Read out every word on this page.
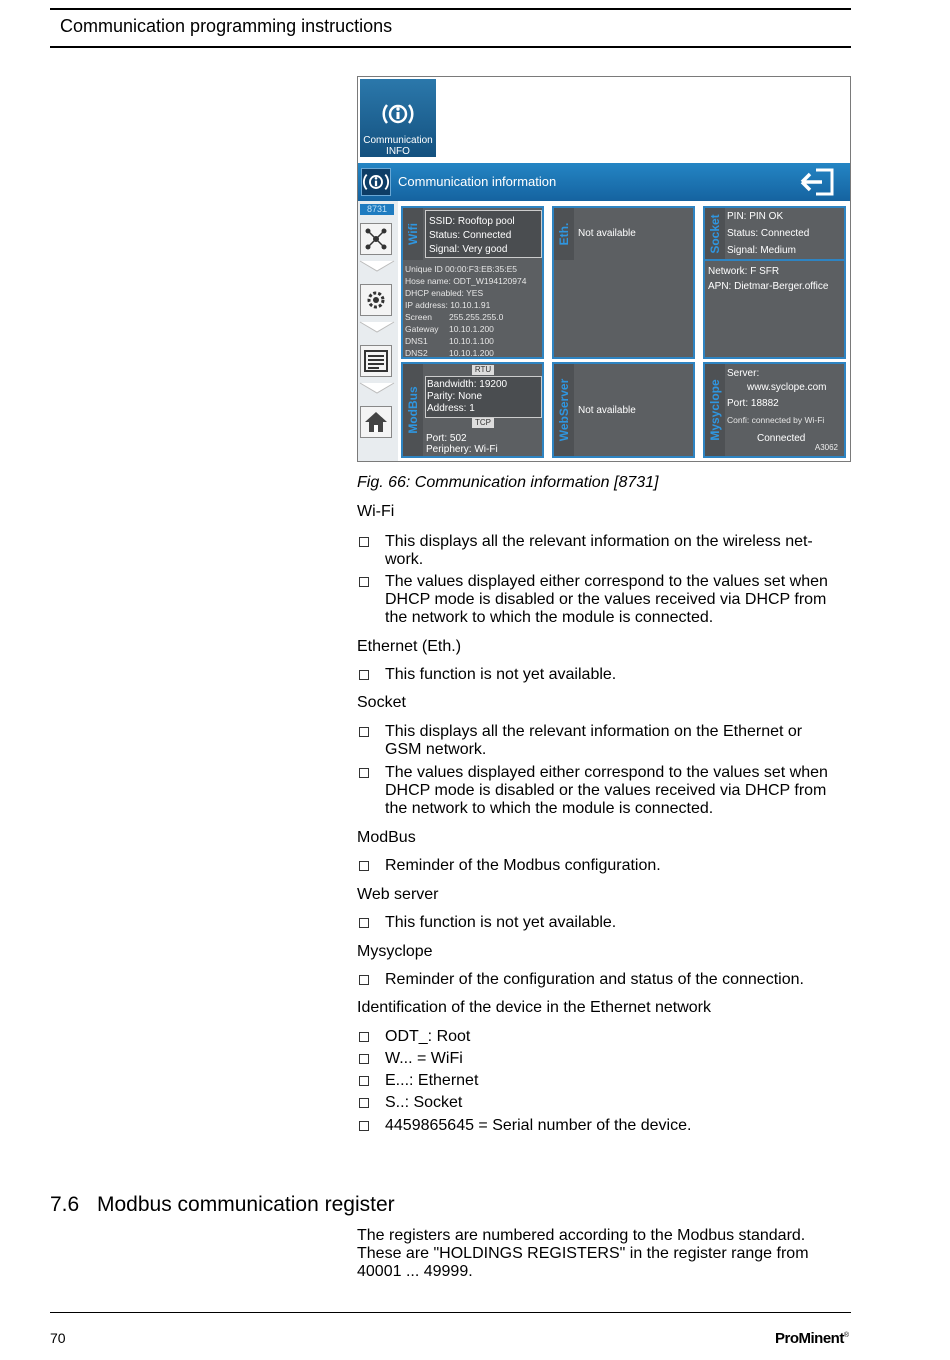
Communication programming instructions
Communication
INFO
Communication information
8731
Wifi
SSID: Rooftop pool
Status: Connected
Signal: Very good
Unique ID 00:00:F3:EB:35:E5
Hose name: ODT_W194120974
DHCP enabled: YES
IP address: 10.10.1.91
Screen 255.255.255.0
Gateway 10.10.1.200
DNS1	10.10.1.100
DNS2	10.10.1.200
Eth. Not available	Socket PIN: PIN OK
Status: Connected
Signal: Medium
Network: F SFR
APN: Dietmar-Berger.office
ModBus
RTU
Bandwidth: 19200
Parity: None
Address: 1
TCP
Port: 502
Periphery: Wi-Fi
WebServer Not available	Mysyclope
Server:
www.syclope.com
Port: 18882
Confi: connected by Wi-Fi
Connected
A3062
Fig. 66: Communication information [8731]
Wi-Fi
This displays all the relevant information on the wireless net-
work.
The values displayed either correspond to the values set when
DHCP mode is disabled or the values received via DHCP from
the network to which the module is connected.
Ethernet (Eth.)
This function is not yet available.
Socket
This displays all the relevant information on the Ethernet or
GSM network.
The values displayed either correspond to the values set when
DHCP mode is disabled or the values received via DHCP from
the network to which the module is connected.
ModBus
Reminder of the Modbus configuration.
Web server
This function is not yet available.
Mysyclope
Reminder of the configuration and status of the connection.
Identification of the device in the Ethernet network
ODT_: Root
W... = WiFi
E...: Ethernet
S..: Socket
4459865645 = Serial number of the device.
7.6 Modbus communication register
The registers are numbered according to the Modbus standard.
These are "HOLDINGS REGISTERS" in the register range from
40001 ... 49999.
70	ProMinent®
